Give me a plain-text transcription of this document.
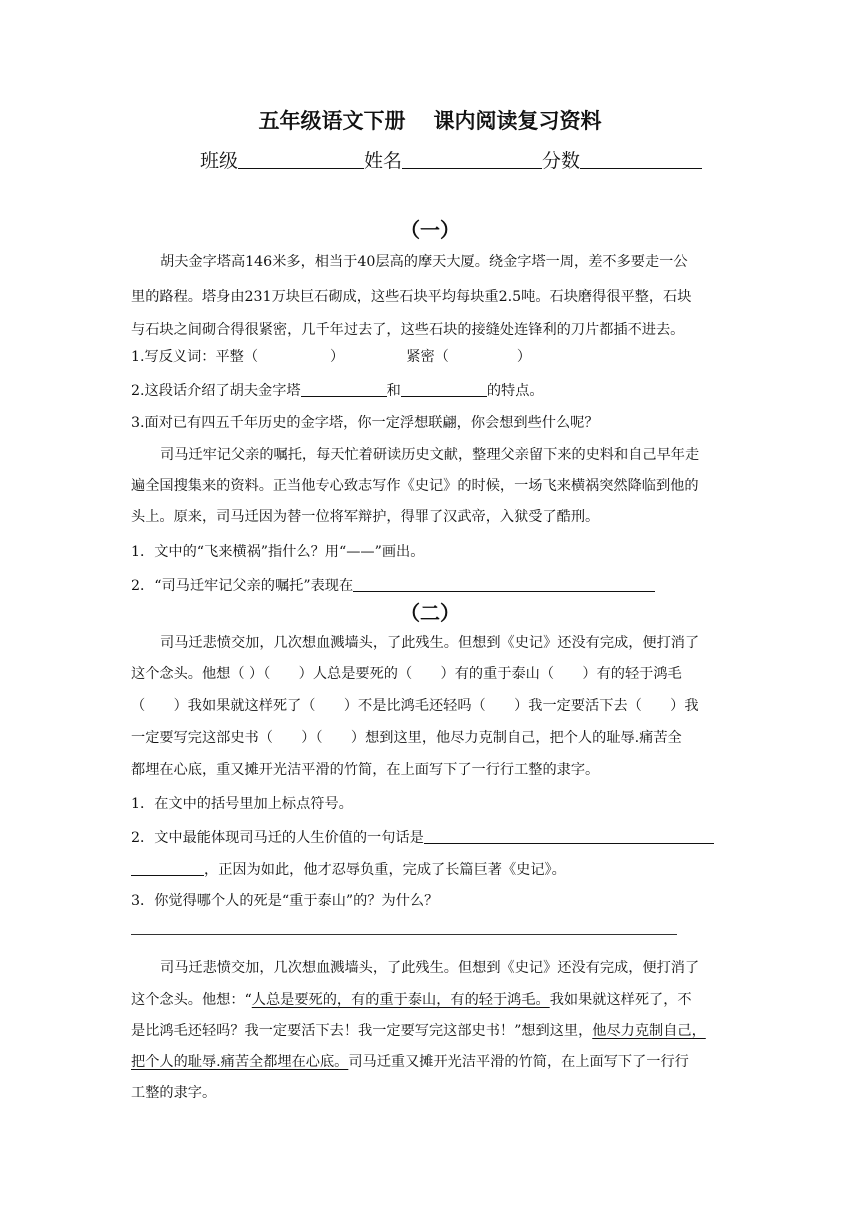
五年级语文下册 课内阅读复习资料
班级	姓名	分数
（一）
胡夫金字塔高146米多，相当于40层高的摩天大厦。绕金字塔一周，差不多要走一公
里的路程。塔身由231万块巨石砌成，这些石块平均每块重2.5吨。石块磨得很平整，石块
与石块之间砌合得很紧密，几千年过去了，这些石块的接缝处连锋利的刀片都插不进去。
1.写反义词：平整（	）	紧密（	）
2.这段话介绍了胡夫金字塔	和	的特点。
3.面对已有四五千年历史的金字塔，你一定浮想联翩，你会想到些什么呢？
司马迁牢记父亲的嘱托，每天忙着研读历史文献，整理父亲留下来的史料和自己早年走
遍全国搜集来的资料。正当他专心致志写作《史记》的时候，一场飞来横祸突然降临到他的
头上。原来，司马迁因为替一位将军辩护，得罪了汉武帝，入狱受了酷刑。
1．文中的“飞来横祸”指什么？用“——”画出。
2．“司马迁牢记父亲的嘱托”表现在
（二）
司马迁悲愤交加，几次想血溅墙头，了此残生。但想到《史记》还没有完成，便打消了
这个念头。他想（ ）（　　）人总是要死的（　　）有的重于泰山（　　）有的轻于鸿毛
（　　）我如果就这样死了（　　）不是比鸿毛还轻吗（　　）我一定要活下去（　　）我
一定要写完这部史书（　　）（　　）想到这里，他尽力克制自己，把个人的耻辱.痛苦全
都埋在心底，重又摊开光洁平滑的竹简，在上面写下了一行行工整的隶字。
1．在文中的括号里加上标点符号。
2．文中最能体现司马迁的人生价值的一句话是
，正因为如此，他才忍辱负重，完成了长篇巨著《史记》。
3．你觉得哪个人的死是“重于泰山”的？为什么？
司马迁悲愤交加，几次想血溅墙头，了此残生。但想到《史记》还没有完成，便打消了
这个念头。他想：“人总是要死的，有的重于泰山，有的轻于鸿毛。我如果就这样死了，不
是比鸿毛还轻吗？我一定要活下去！我一定要写完这部史书！”想到这里，他尽力克制自己，
把个人的耻辱.痛苦全都埋在心底。司马迁重又摊开光洁平滑的竹简，在上面写下了一行行
工整的隶字。
